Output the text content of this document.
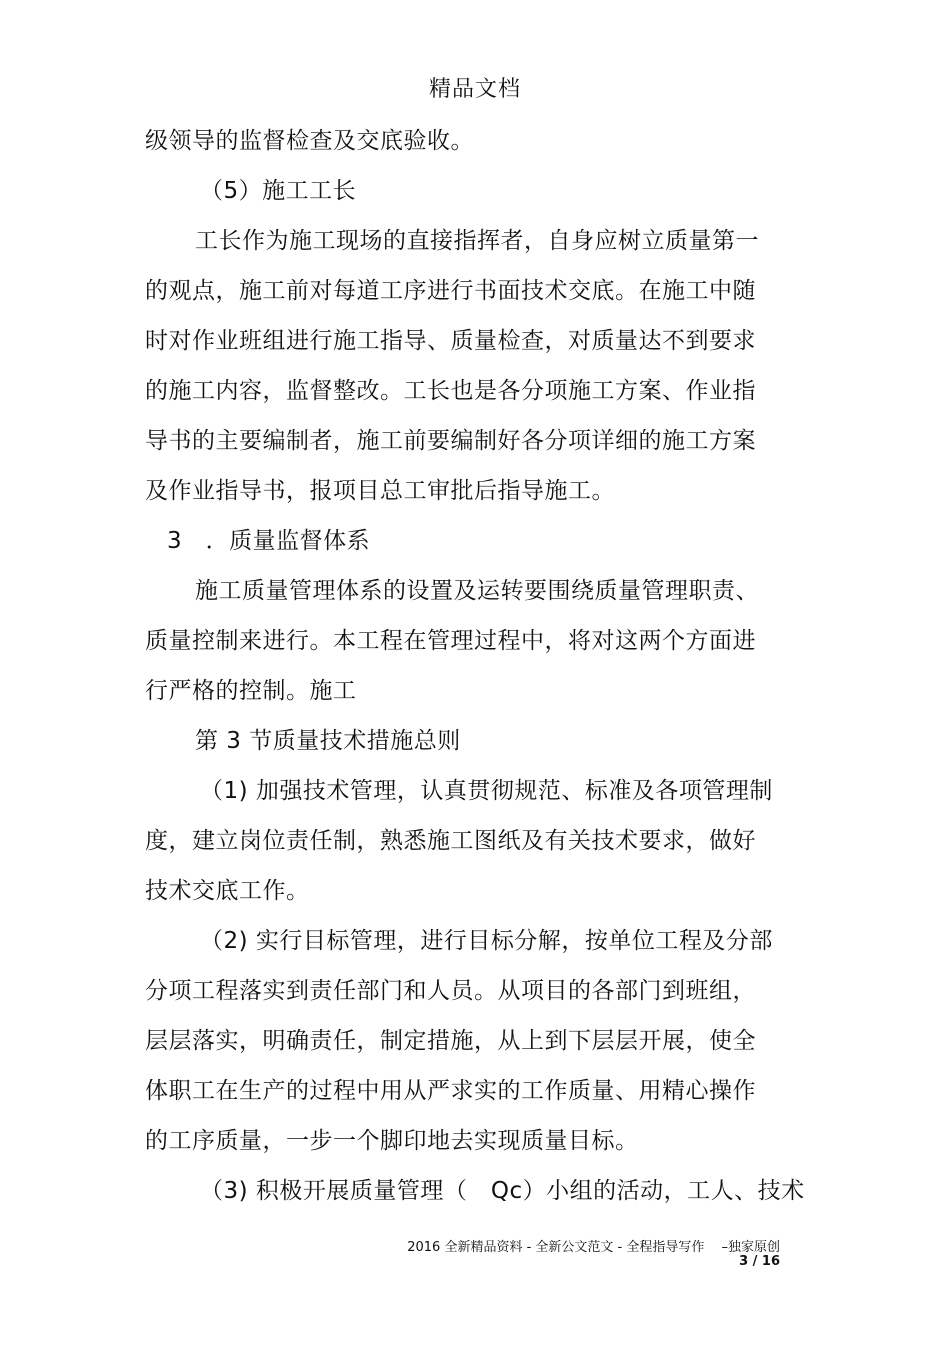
精品文档
级领导的监督检查及交底验收。
（5）施工工长
工长作为施工现场的直接指挥者，自身应树立质量第一
的观点，施工前对每道工序进行书面技术交底。在施工中随
时对作业班组进行施工指导、质量检查，对质量达不到要求
的施工内容，监督整改。工长也是各分项施工方案、作业指
导书的主要编制者，施工前要编制好各分项详细的施工方案
及作业指导书，报项目总工审批后指导施工。
3　．质量监督体系
施工质量管理体系的设置及运转要围绕质量管理职责、
质量控制来进行。本工程在管理过程中，将对这两个方面进
行严格的控制。施工
第 3 节质量技术措施总则
（1) 加强技术管理，认真贯彻规范、标准及各项管理制
度，建立岗位责任制，熟悉施工图纸及有关技术要求，做好
技术交底工作。
（2) 实行目标管理，进行目标分解，按单位工程及分部
分项工程落实到责任部门和人员。从项目的各部门到班组，
层层落实，明确责任，制定措施，从上到下层层开展，使全
体职工在生产的过程中用从严求实的工作质量、用精心操作
的工序质量，一步一个脚印地去实现质量目标。
（3) 积极开展质量管理（　Qc）小组的活动，工人、技术
2016 全新精品资料 - 全新公文范文 - 全程指导写作　 –独家原创
3 / 16
